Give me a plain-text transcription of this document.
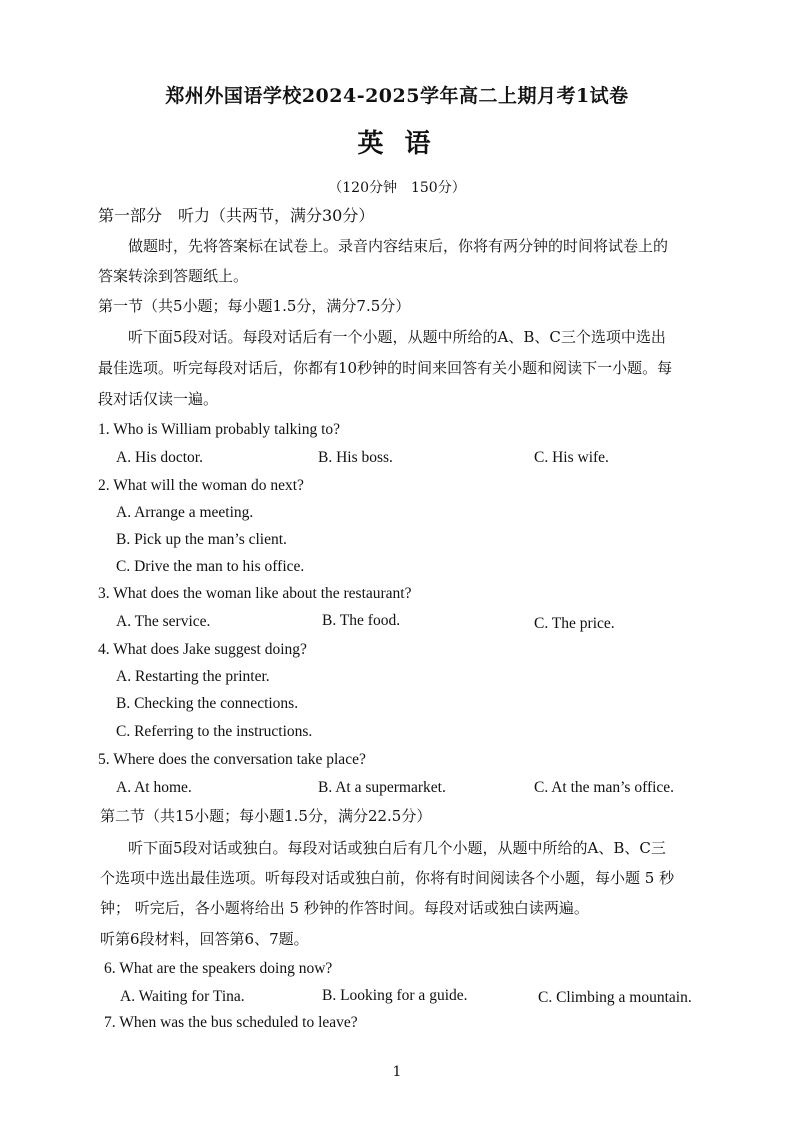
郑州外国语学校2024-2025学年高二上期月考1试卷
英 语
（120分钟　150分）
第一部分　听力（共两节，满分30分）
做题时，先将答案标在试卷上。录音内容结束后，你将有两分钟的时间将试卷上的
答案转涂到答题纸上。
第一节（共5小题；每小题1.5分，满分7.5分）
听下面5段对话。每段对话后有一个小题，从题中所给的A、B、C三个选项中选出
最佳选项。听完每段对话后，你都有10秒钟的时间来回答有关小题和阅读下一小题。每
段对话仅读一遍。
1. Who is William probably talking to?
A. His doctor.	B. His boss.	C. His wife.
2. What will the woman do next?
A. Arrange a meeting.
B. Pick up the man’s client.
C. Drive the man to his office.
3. What does the woman like about the restaurant?
A. The service.	B. The food.	C. The price.
4. What does Jake suggest doing?
A. Restarting the printer.
B. Checking the connections.
C. Referring to the instructions.
5. Where does the conversation take place?
A. At home.	B. At a supermarket.	C. At the man’s office.
第二节（共15小题；每小题1.5分，满分22.5分）
听下面5段对话或独白。每段对话或独白后有几个小题，从题中所给的A、B、C三
个选项中选出最佳选项。听每段对话或独白前，你将有时间阅读各个小题，每小题 5 秒
钟； 听完后，各小题将给出 5 秒钟的作答时间。每段对话或独白读两遍。
听第6段材料，回答第6、7题。
6. What are the speakers doing now?
A. Waiting for Tina.	B. Looking for a guide.	C. Climbing a mountain.
7. When was the bus scheduled to leave?
1
